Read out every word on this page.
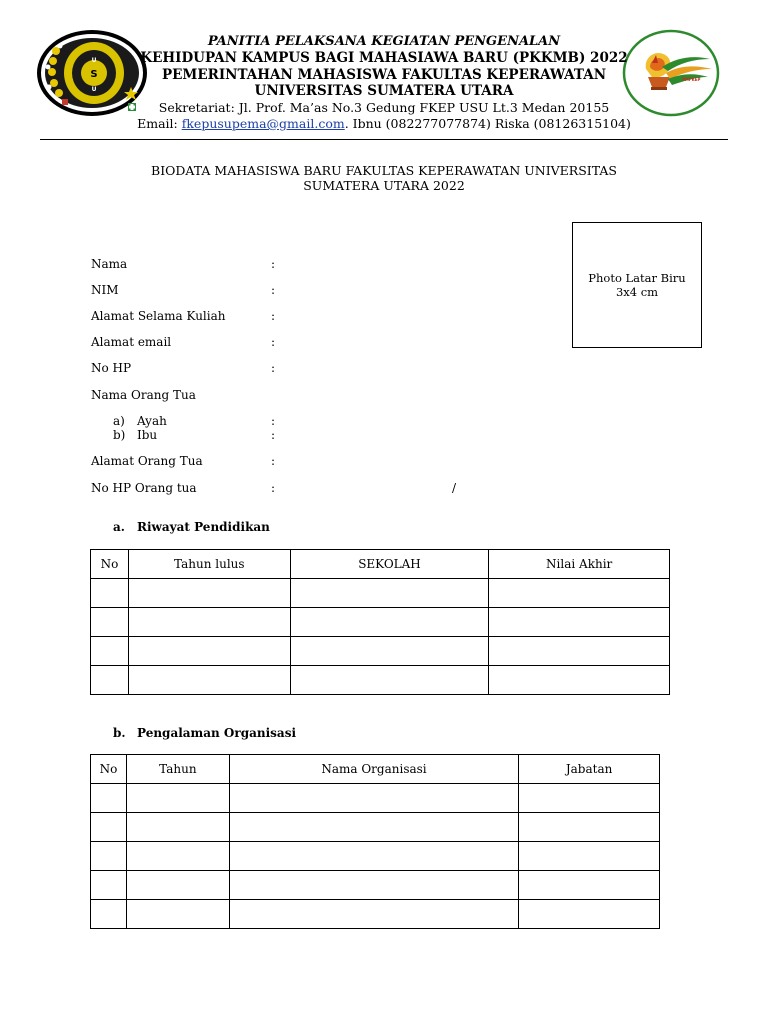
S
U
U
PMFKEP
PANITIA PELAKSANA KEGIATAN PENGENALAN
KEHIDUPAN KAMPUS BAGI MAHASIAWA BARU (PKKMB) 2022
PEMERINTAHAN MAHASISWA FAKULTAS KEPERAWATAN
UNIVERSITAS SUMATERA UTARA
Sekretariat: Jl. Prof. Ma’as No.3 Gedung FKEP USU Lt.3 Medan 20155
Email: fkepusupema@gmail.com. Ibnu (082277077874) Riska (08126315104)
BIODATA MAHASISWA BARU FAKULTAS KEPERAWATAN UNIVERSITAS
SUMATERA UTARA 2022
Photo Latar Biru
3x4 cm
Nama	:
NIM	:
Alamat Selama Kuliah	:
Alamat email	:
No HP	:
Nama Orang Tua
a) Ayah	:
b) Ibu	:
Alamat Orang Tua	:
No HP Orang tua	:	/
a. Riwayat Pendidikan
No	Tahun lulus	SEKOLAH	Nilai Akhir

b. Pengalaman Organisasi
No	Tahun	Nama Organisasi	Jabatan
